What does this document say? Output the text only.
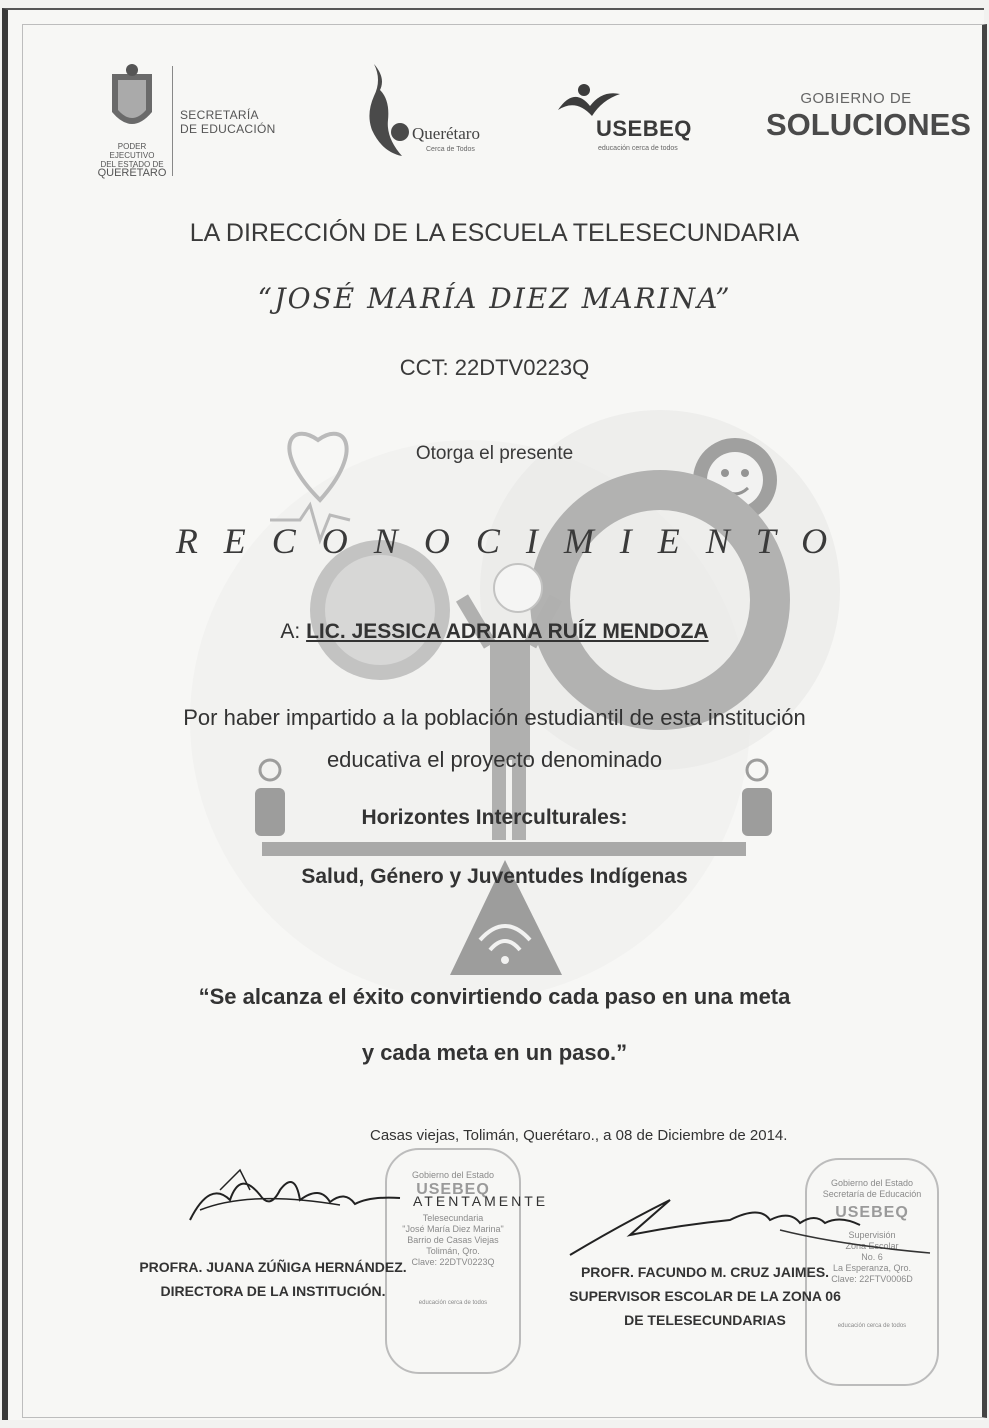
PODER EJECUTIVO
DEL ESTADO DE
QUERÉTARO
SECRETARÍA
DE EDUCACIÓN	Querétaro
Cerca de Todos
USEBEQ
educación cerca de todos
GOBIERNO DE
SOLUCIONES
LA DIRECCIÓN DE LA ESCUELA TELESECUNDARIA
“JOSÉ MARÍA DIEZ MARINA”
CCT: 22DTV0223Q
Otorga el presente
RECONOCIMIENTO
A: LIC. JESSICA ADRIANA RUÍZ MENDOZA
Por haber impartido a la población estudiantil de esta institución
educativa el proyecto denominado
Horizontes Interculturales:
Salud, Género y Juventudes Indígenas
“Se alcanza el éxito convirtiendo cada paso en una meta
y cada meta en un paso.”
Casas viejas, Tolimán, Querétaro., a 08 de Diciembre de 2014.
Gobierno del Estado
USEBEQ
Telesecundaria
"José María Diez Marina"
Barrio de Casas Viejas
Tolimán, Qro.
Clave: 22DTV0223Q
educación cerca de todos
Gobierno del Estado
Secretaría de Educación
USEBEQ
Supervisión
Zona Escolar
No. 6
La Esperanza, Qro.
Clave: 22FTV0006D
educación cerca de todos
ATENTAMENTE
PROFRA. JUANA ZÚÑIGA HERNÁNDEZ.
DIRECTORA DE LA INSTITUCIÓN.
PROFR. FACUNDO M. CRUZ JAIMES.
SUPERVISOR ESCOLAR DE LA ZONA 06
DE TELESECUNDARIAS
